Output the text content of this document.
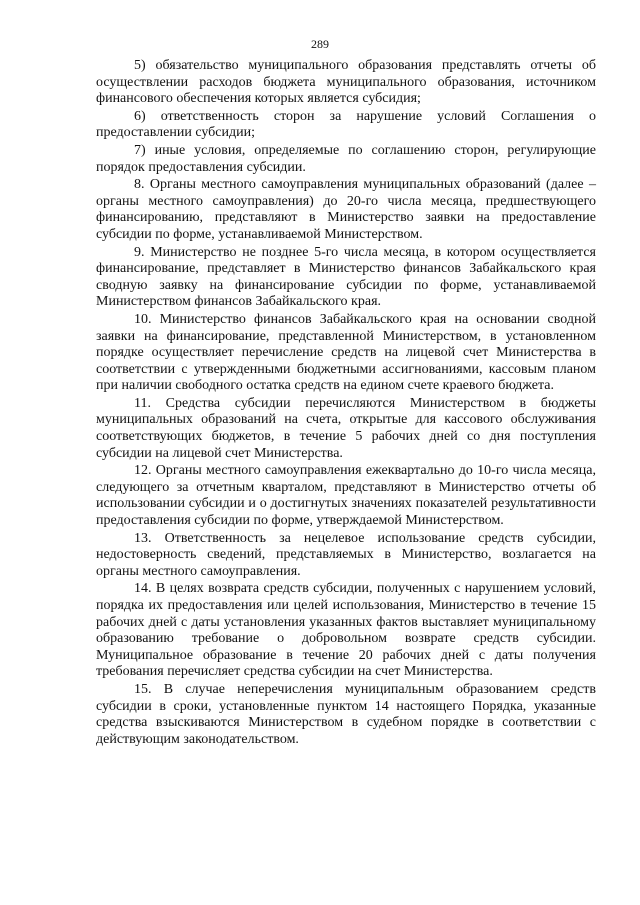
289

5) обязательство муниципального образования представлять отчеты об осуществлении расходов бюджета муниципального образования, источником финансового обеспечения которых является субсидия;

6) ответственность сторон за нарушение условий Соглашения о предоставлении субсидии;

7) иные условия, определяемые по соглашению сторон, регулирующие порядок предоставления субсидии.

8. Органы местного самоуправления муниципальных образований (далее – органы местного самоуправления) до 20-го числа месяца, предшествующего финансированию, представляют в Министерство заявки на предоставление субсидии по форме, устанавливаемой Министерством.

9. Министерство не позднее 5-го числа месяца, в котором осуществляется финансирование, представляет в Министерство финансов Забайкальского края сводную заявку на финансирование субсидии по форме, устанавливаемой Министерством финансов Забайкальского края.

10. Министерство финансов Забайкальского края на основании сводной заявки на финансирование, представленной Министерством, в установленном порядке осуществляет перечисление средств на лицевой счет Министерства в соответствии с утвержденными бюджетными ассигнованиями, кассовым планом при наличии свободного остатка средств на едином счете краевого бюджета.

11. Средства субсидии перечисляются Министерством в бюджеты муниципальных образований на счета, открытые для кассового обслуживания соответствующих бюджетов, в течение 5 рабочих дней со дня поступления субсидии на лицевой счет Министерства.

12. Органы местного самоуправления ежеквартально до 10-го числа месяца, следующего за отчетным кварталом, представляют в Министерство отчеты об использовании субсидии и о достигнутых значениях показателей результативности предоставления субсидии по форме, утверждаемой Министерством.

13. Ответственность за нецелевое использование средств субсидии, недостоверность сведений, представляемых в Министерство, возлагается на органы местного самоуправления.

14. В целях возврата средств субсидии, полученных с нарушением условий, порядка их предоставления или целей использования, Министерство в течение 15 рабочих дней с даты установления указанных фактов выставляет муниципальному образованию требование о добровольном возврате средств субсидии. Муниципальное образование в течение 20 рабочих дней с даты получения требования перечисляет средства субсидии на счет Министерства.

15. В случае неперечисления муниципальным образованием средств субсидии в сроки, установленные пунктом 14 настоящего Порядка, указанные средства взыскиваются Министерством в судебном порядке в соответствии с действующим законодательством.
